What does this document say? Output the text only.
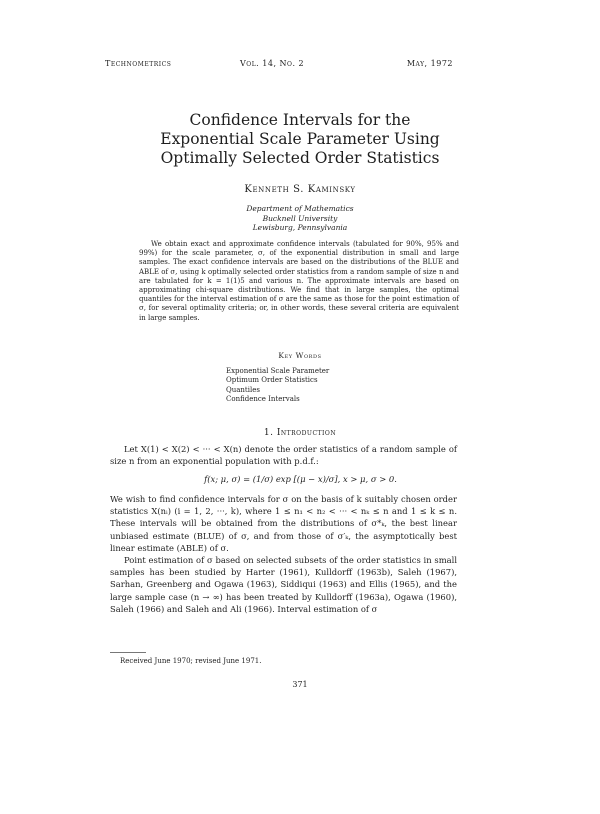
Technometrics	Vol. 14, No. 2	May, 1972
Confidence Intervals for the
Exponential Scale Parameter Using
Optimally Selected Order Statistics
Kenneth S. Kaminsky
Department of Mathematics
Bucknell University
Lewisburg, Pennsylvania

We obtain exact and approximate confidence intervals (tabulated for 90%, 95% and 99%) for the scale parameter, σ, of the exponential distribution in small and large samples. The exact confidence intervals are based on the distributions of the BLUE and ABLE of σ, using k optimally selected order statistics from a random sample of size n and are tabulated for k = 1(1)5 and various n. The approximate intervals are based on approximating chi-square distributions. We find that in large samples, the optimal quantiles for the interval estimation of σ are the same as those for the point estimation of σ, for several optimality criteria; or, in other words, these several criteria are equivalent in large samples.

Key Words
Exponential Scale Parameter
Optimum Order Statistics
Quantiles
Confidence Intervals
1. Introduction

Let X(1) < X(2) < ··· < X(n) denote the order statistics of a random sample of size n from an exponential population with p.d.f.:

f(x; μ, σ) = (1/σ) exp [(μ − x)/σ], x > μ, σ > 0.

We wish to find confidence intervals for σ on the basis of k suitably chosen order statistics X(nᵢ) (i = 1, 2, ···, k), where 1 ≤ n₁ < n₂ < ··· < nₖ ≤ n and 1 ≤ k ≤ n. These intervals will be obtained from the distributions of σ*ₖ, the best linear unbiased estimate (BLUE) of σ, and from those of σ′ₖ, the asymptotically best linear estimate (ABLE) of σ.

Point estimation of σ based on selected subsets of the order statistics in small samples has been studied by Harter (1961), Kulldorff (1963b), Saleh (1967), Sarhan, Greenberg and Ogawa (1963), Siddiqui (1963) and Ellis (1965), and the large sample case (n → ∞) has been treated by Kulldorff (1963a), Ogawa (1960), Saleh (1966) and Saleh and Ali (1966). Interval estimation of σ

Received June 1970; revised June 1971.
371
